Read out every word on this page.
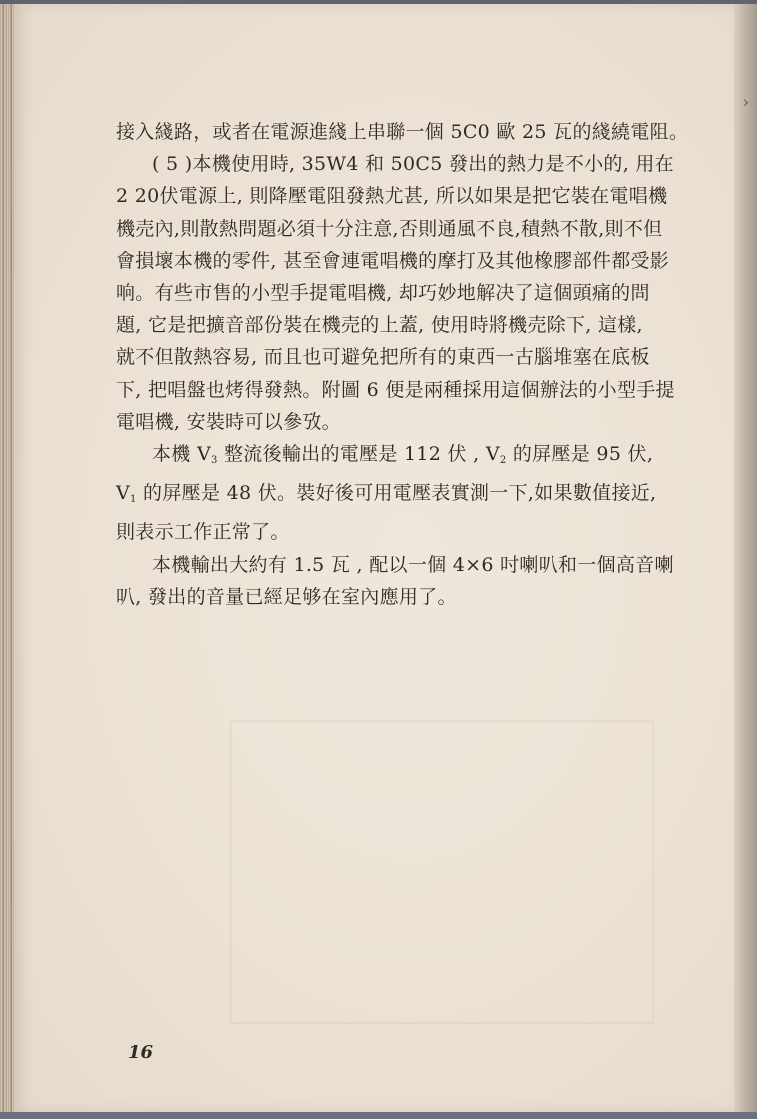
›

接入綫路，或者在電源進綫上串聯一個 5C0 歐 25 瓦的綫繞電阻。

( 5 )本機使用時, 35W4 和 50C5 發出的熱力是不小的, 用在
2 20伏電源上, 則降壓電阻發熱尤甚, 所以如果是把它裝在電唱機
機売內,則散熱問題必須十分注意,否則通風不良,積熱不散,則不但
會損壞本機的零件, 甚至會連電唱機的摩打及其他橡膠部件都受影
响。有些市售的小型手提電唱機, 却巧妙地解决了這個頭痛的問
題, 它是把擴音部份裝在機売的上蓋, 使用時將機売除下, 這樣,
就不但散熱容易, 而且也可避免把所有的東西一古腦堆塞在底板
下, 把唱盤也烤得發熱。附圖 6 便是兩種採用這個辦法的小型手提
電唱機, 安裝時可以參攷。

本機 $V_3$ 整流後輸出的電壓是 112 伏 , $V_2$ 的屏壓是 95 伏,
$V_1$ 的屏壓是 48 伏。裝好後可用電壓表實測一下,如果數值接近,
則表示工作正常了。

本機輸出大約有 1.5 瓦 , 配以一個 4×6 吋喇叭和一個高音喇
叭, 發出的音量已經足够在室內應用了。

16
